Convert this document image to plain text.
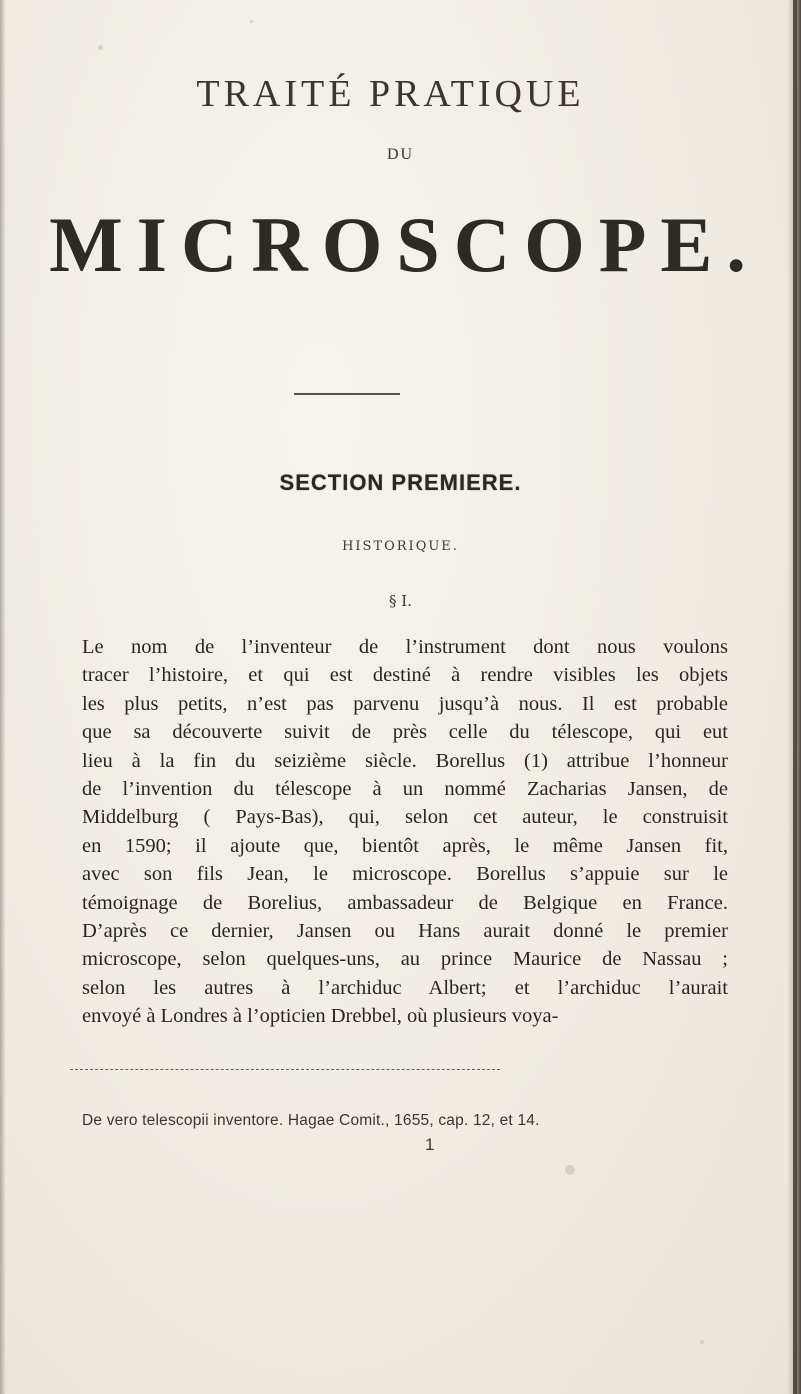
TRAITÉ PRATIQUE
DU
MICROSCOPE.
SECTION PREMIERE.
HISTORIQUE.
§ I.
Le nom de l’inventeur de l’instrument dont nous voulons
tracer l’histoire, et qui est destiné à rendre visibles les objets
les plus petits, n’est pas parvenu jusqu’à nous. Il est probable
que sa découverte suivit de près celle du télescope, qui eut
lieu à la fin du seizième siècle. Borellus (1) attribue l’honneur
de l’invention du télescope à un nommé Zacharias Jansen, de
Middelburg ( Pays-Bas), qui, selon cet auteur, le construisit
en 1590; il ajoute que, bientôt après, le même Jansen fit,
avec son fils Jean, le microscope. Borellus s’appuie sur le
témoignage de Borelius, ambassadeur de Belgique en France.
D’après ce dernier, Jansen ou Hans aurait donné le premier
microscope, selon quelques-uns, au prince Maurice de Nassau ;
selon les autres à l’archiduc Albert; et l’archiduc l’aurait
envoyé à Londres à l’opticien Drebbel, où plusieurs voya-
De vero telescopii inventore. Hagae Comit., 1655, cap. 12, et 14.
1
